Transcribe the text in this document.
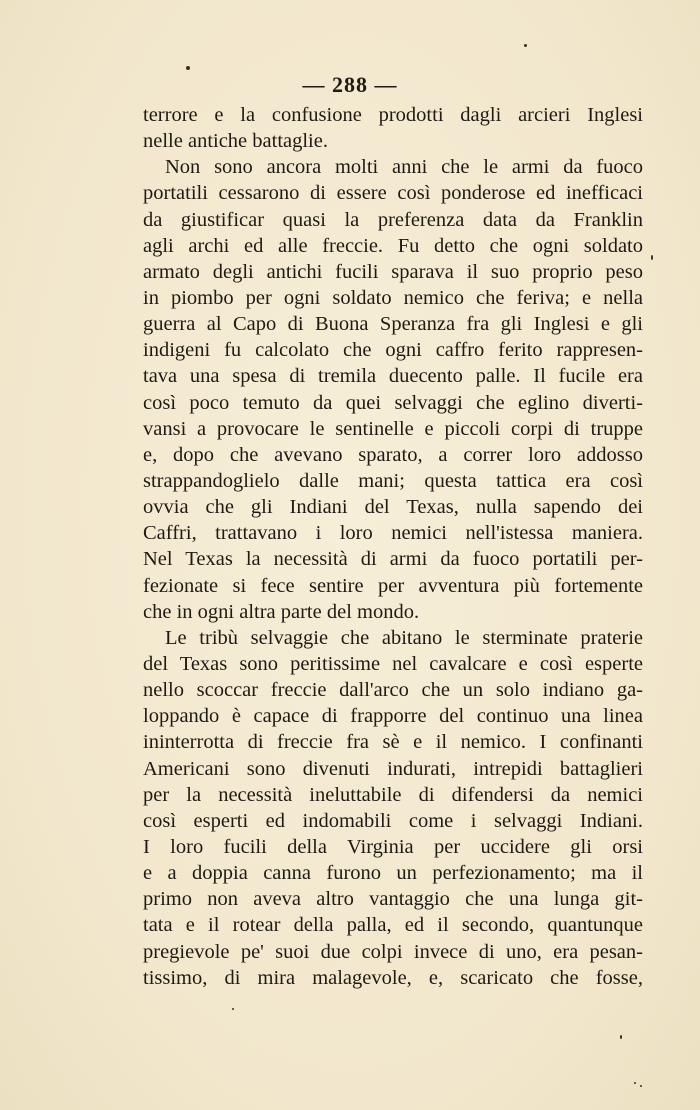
— 288 —
terrore e la confusione prodotti dagli arcieri Inglesi
nelle antiche battaglie.
Non sono ancora molti anni che le armi da fuoco
portatili cessarono di essere così ponderose ed inefficaci
da giustificar quasi la preferenza data da Franklin
agli archi ed alle freccie. Fu detto che ogni soldato
armato degli antichi fucili sparava il suo proprio peso
in piombo per ogni soldato nemico che feriva; e nella
guerra al Capo di Buona Speranza fra gli Inglesi e gli
indigeni fu calcolato che ogni caffro ferito rappresen-
tava una spesa di tremila duecento palle. Il fucile era
così poco temuto da quei selvaggi che eglino diverti-
vansi a provocare le sentinelle e piccoli corpi di truppe
e, dopo che avevano sparato, a correr loro addosso
strappandoglielo dalle mani; questa tattica era così
ovvia che gli Indiani del Texas, nulla sapendo dei
Caffri, trattavano i loro nemici nell'istessa maniera.
Nel Texas la necessità di armi da fuoco portatili per-
fezionate si fece sentire per avventura più fortemente
che in ogni altra parte del mondo.
Le tribù selvaggie che abitano le sterminate praterie
del Texas sono peritissime nel cavalcare e così esperte
nello scoccar freccie dall'arco che un solo indiano ga-
loppando è capace di frapporre del continuo una linea
ininterrotta di freccie fra sè e il nemico. I confinanti
Americani sono divenuti indurati, intrepidi battaglieri
per la necessità ineluttabile di difendersi da nemici
così esperti ed indomabili come i selvaggi Indiani.
I loro fucili della Virginia per uccidere gli orsi
e a doppia canna furono un perfezionamento; ma il
primo non aveva altro vantaggio che una lunga git-
tata e il rotear della palla, ed il secondo, quantunque
pregievole pe' suoi due colpi invece di uno, era pesan-
tissimo, di mira malagevole, e, scaricato che fosse,
